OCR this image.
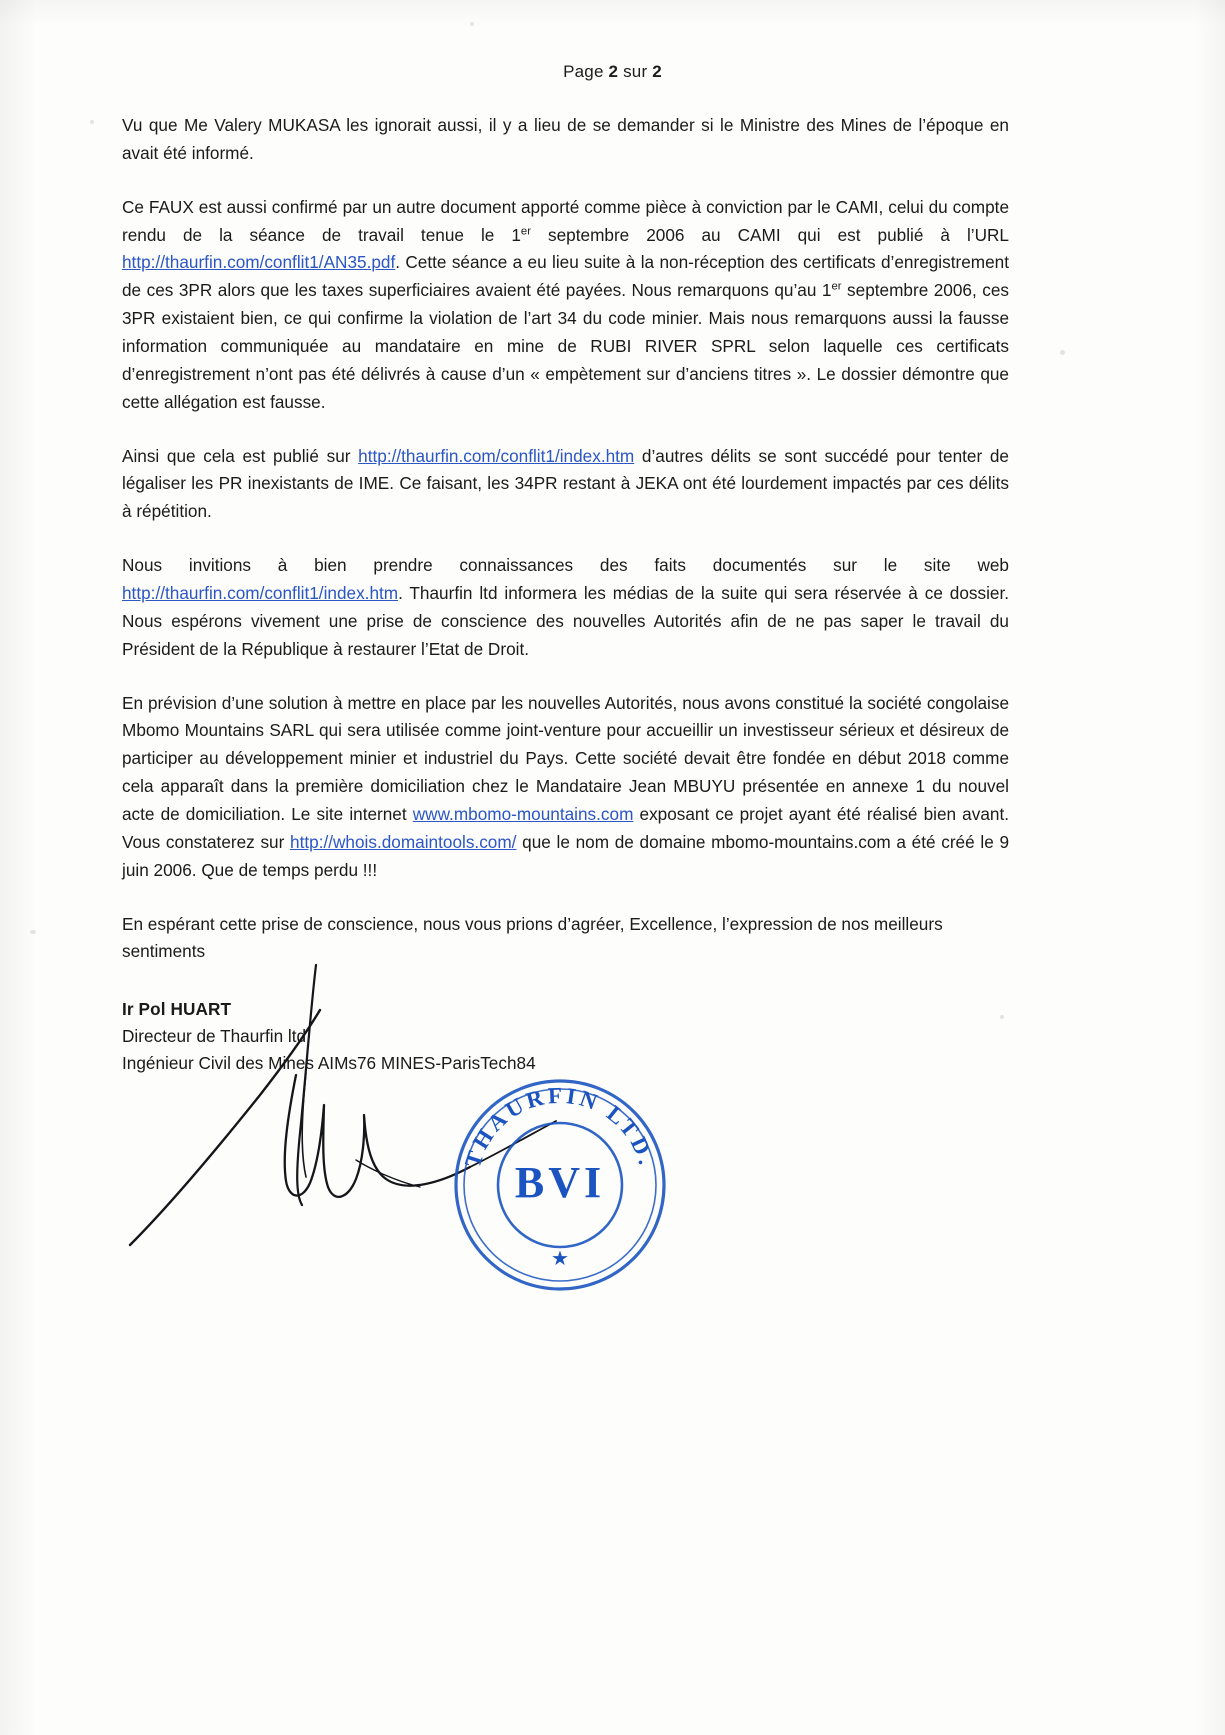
Page 2 sur 2

Vu que Me Valery MUKASA les ignorait aussi, il y a lieu de se demander si le Ministre des Mines de l’époque en avait été informé.

Ce FAUX est aussi confirmé par un autre document apporté comme pièce à conviction par le CAMI, celui du compte rendu de la séance de travail tenue le 1er septembre 2006 au CAMI qui est publié à l’URL http://thaurfin.com/conflit1/AN35.pdf. Cette séance a eu lieu suite à la non-réception des certificats d’enregistrement de ces 3PR alors que les taxes superficiaires avaient été payées. Nous remarquons qu’au 1er septembre 2006, ces 3PR existaient bien, ce qui confirme la violation de l’art 34 du code minier. Mais nous remarquons aussi la fausse information communiquée au mandataire en mine de RUBI RIVER SPRL selon laquelle ces certificats d’enregistrement n’ont pas été délivrés à cause d’un « empètement sur d’anciens titres ». Le dossier démontre que cette allégation est fausse.

Ainsi que cela est publié sur http://thaurfin.com/conflit1/index.htm d’autres délits se sont succédé pour tenter de légaliser les PR inexistants de IME. Ce faisant, les 34PR restant à JEKA ont été lourdement impactés par ces délits à répétition.

Nous invitions à bien prendre connaissances des faits documentés sur le site web http://thaurfin.com/conflit1/index.htm. Thaurfin ltd informera les médias de la suite qui sera réservée à ce dossier. Nous espérons vivement une prise de conscience des nouvelles Autorités afin de ne pas saper le travail du Président de la République à restaurer l’Etat de Droit.

En prévision d’une solution à mettre en place par les nouvelles Autorités, nous avons constitué la société congolaise Mbomo Mountains SARL qui sera utilisée comme joint-venture pour accueillir un investisseur sérieux et désireux de participer au développement minier et industriel du Pays. Cette société devait être fondée en début 2018 comme cela apparaît dans la première domiciliation chez le Mandataire Jean MBUYU présentée en annexe 1 du nouvel acte de domiciliation. Le site internet www.mbomo-mountains.com exposant ce projet ayant été réalisé bien avant. Vous constaterez sur http://whois.domaintools.com/ que le nom de domaine mbomo-mountains.com a été créé le 9 juin 2006. Que de temps perdu !!!

En espérant cette prise de conscience, nous vous prions d’agréer, Excellence, l’expression de nos meilleurs sentiments

Ir Pol HUART
Directeur de Thaurfin ltd
Ingénieur Civil des Mines AIMs76 MINES-ParisTech84
THAURFIN LTD.
BVI
★
